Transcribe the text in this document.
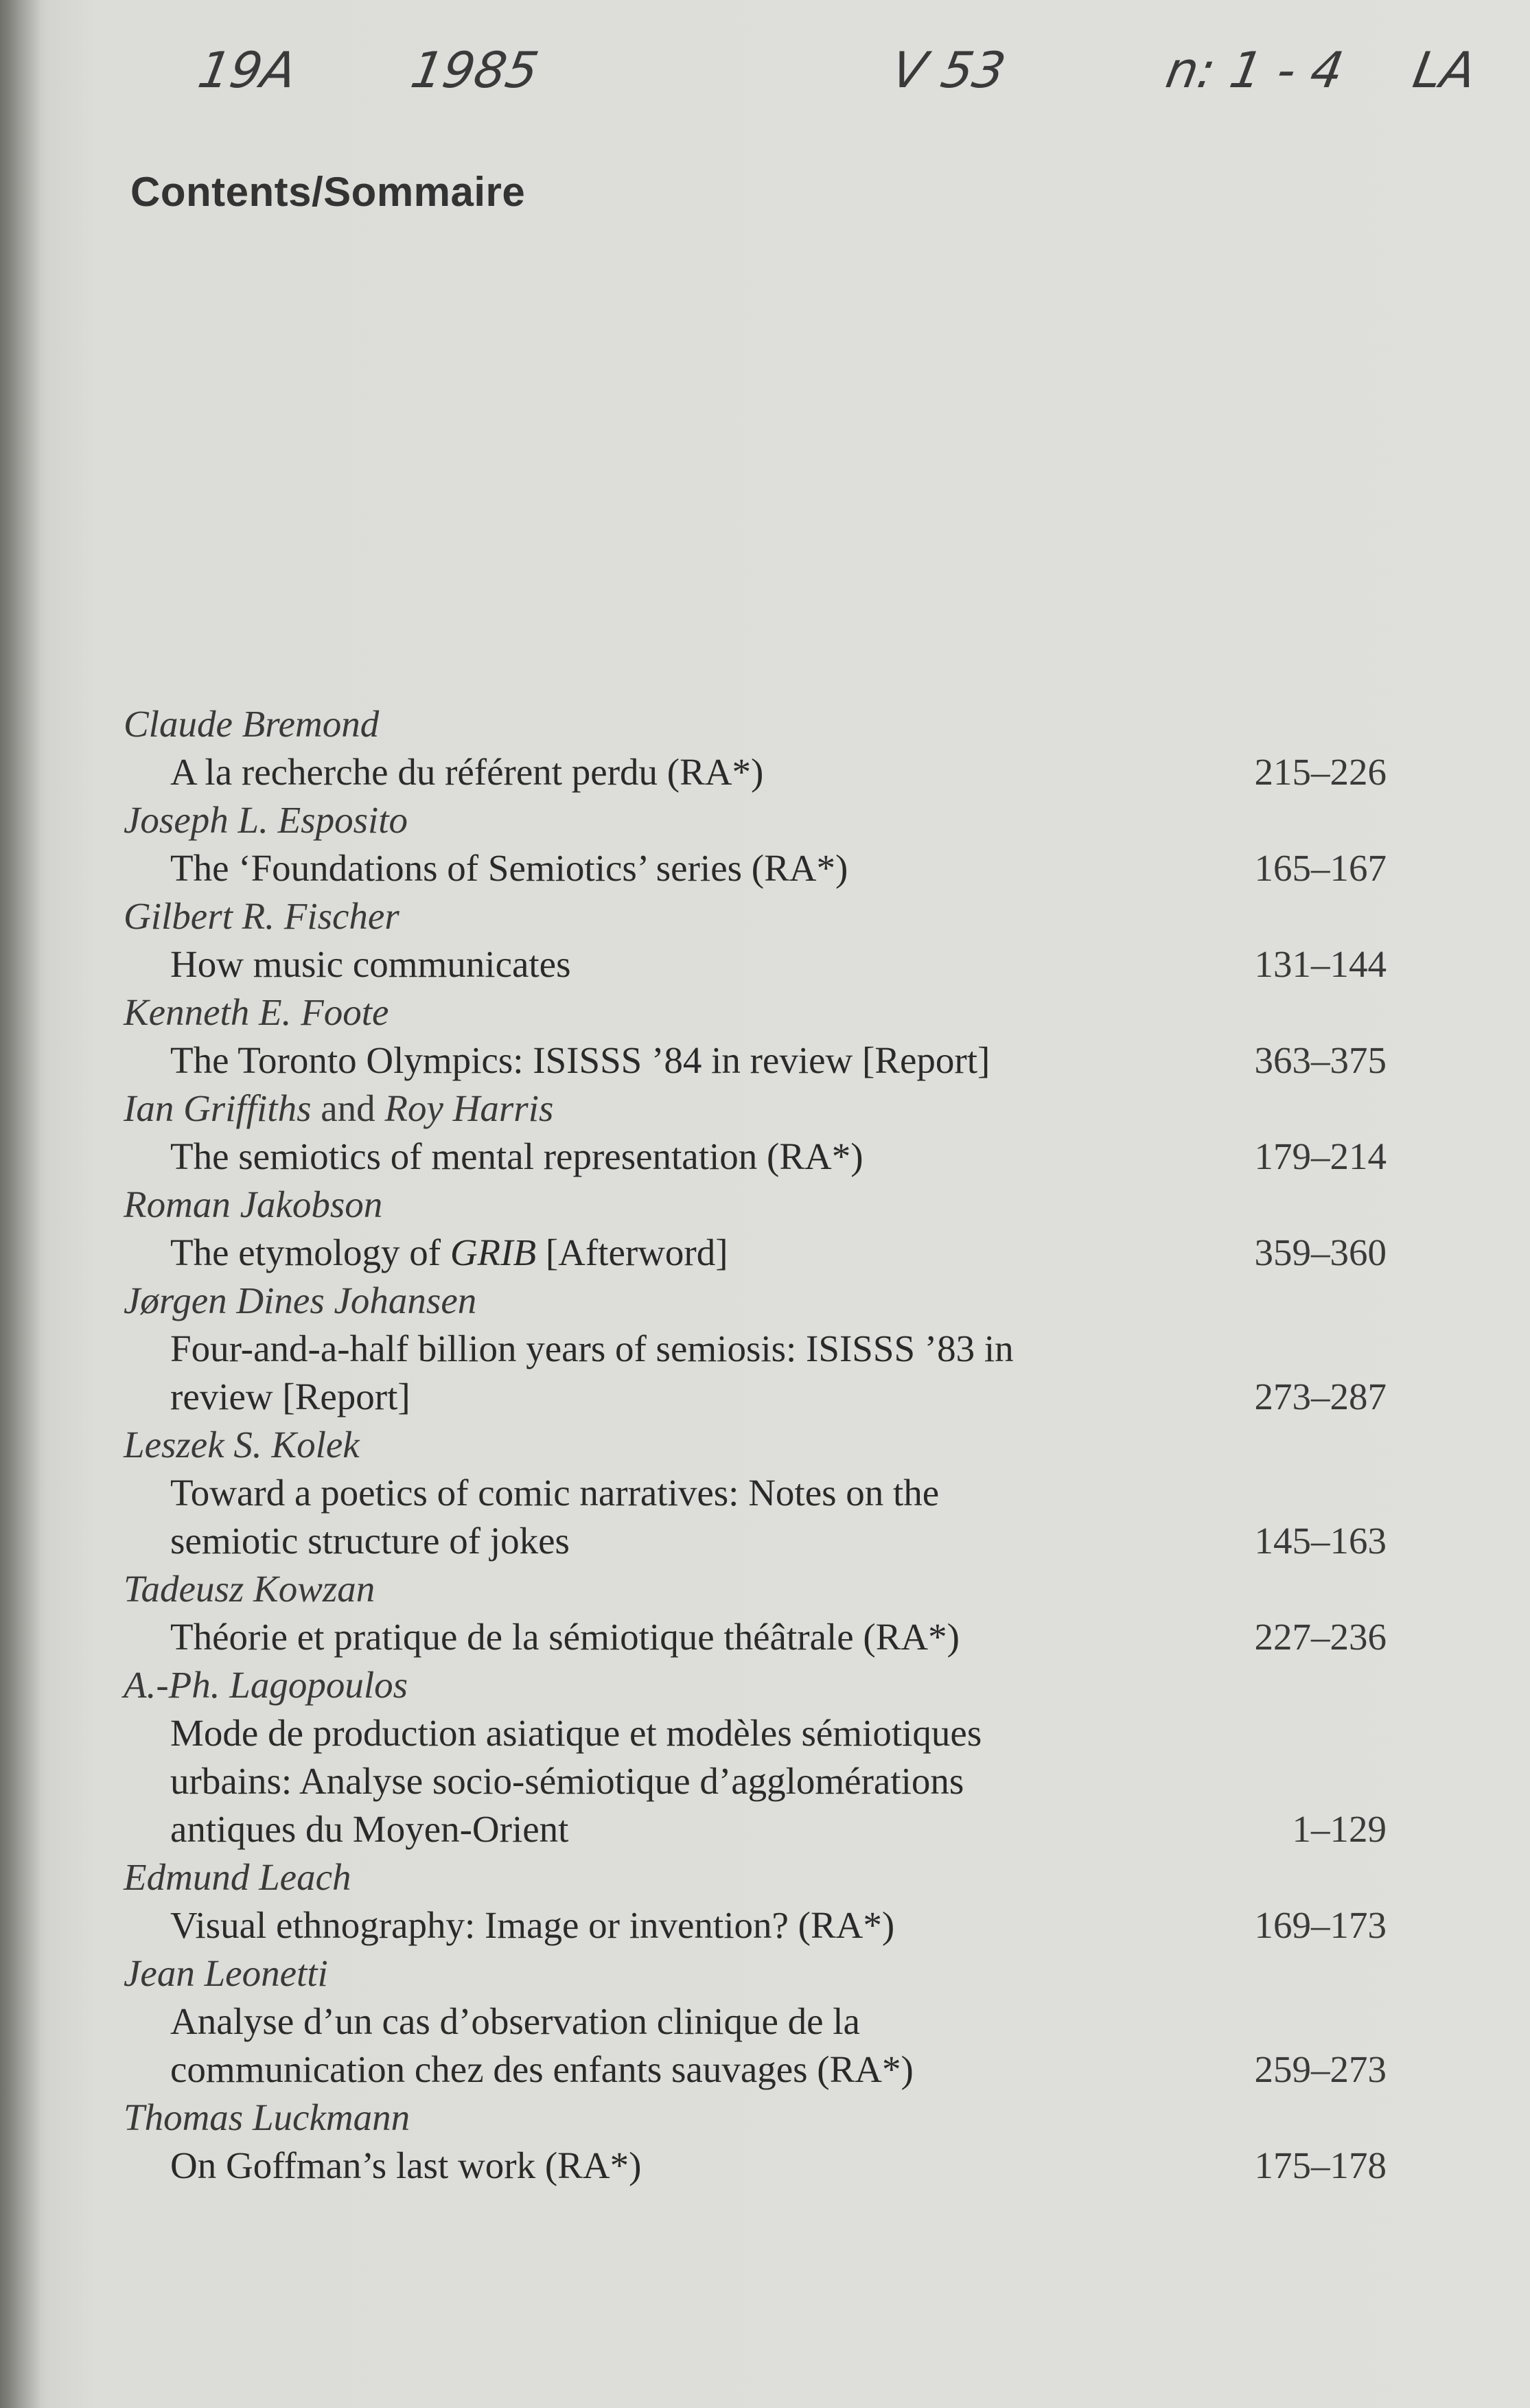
19A 1985	V 53	n: 1 - 4 LA
Contents/Sommaire
Claude Bremond
A la recherche du référent perdu (RA*)	215–226
Joseph L. Esposito
The ‘Foundations of Semiotics’ series (RA*)	165–167
Gilbert R. Fischer
How music communicates	131–144
Kenneth E. Foote
The Toronto Olympics: ISISSS ’84 in review [Report]	363–375
Ian Griffiths and Roy Harris
The semiotics of mental representation (RA*)	179–214
Roman Jakobson
The etymology of GRIB [Afterword]	359–360
Jørgen Dines Johansen
Four-and-a-half billion years of semiosis: ISISSS ’83 in
review [Report]	273–287
Leszek S. Kolek
Toward a poetics of comic narratives: Notes on the
semiotic structure of jokes	145–163
Tadeusz Kowzan
Théorie et pratique de la sémiotique théâtrale (RA*)	227–236
A.-Ph. Lagopoulos
Mode de production asiatique et modèles sémiotiques
urbains: Analyse socio-sémiotique d’agglomérations
antiques du Moyen-Orient	1–129
Edmund Leach
Visual ethnography: Image or invention? (RA*)	169–173
Jean Leonetti
Analyse d’un cas d’observation clinique de la
communication chez des enfants sauvages (RA*)	259–273
Thomas Luckmann
On Goffman’s last work (RA*)	175–178
